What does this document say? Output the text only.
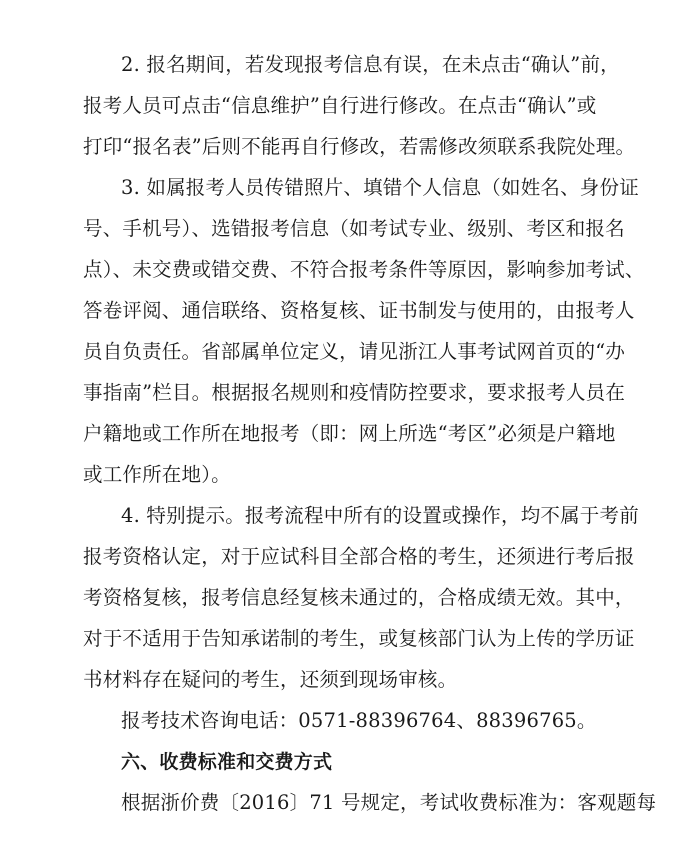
2. 报名期间，若发现报考信息有误，在未点击“确认”前，
报考人员可点击“信息维护”自行进行修改。在点击“确认”或
打印“报名表”后则不能再自行修改，若需修改须联系我院处理。
3. 如属报考人员传错照片、填错个人信息（如姓名、身份证
号、手机号）、选错报考信息（如考试专业、级别、考区和报名
点）、未交费或错交费、不符合报考条件等原因，影响参加考试、
答卷评阅、通信联络、资格复核、证书制发与使用的，由报考人
员自负责任。省部属单位定义，请见浙江人事考试网首页的“办
事指南”栏目。根据报名规则和疫情防控要求，要求报考人员在
户籍地或工作所在地报考（即：网上所选“考区”必须是户籍地
或工作所在地）。
4. 特别提示。报考流程中所有的设置或操作，均不属于考前
报考资格认定，对于应试科目全部合格的考生，还须进行考后报
考资格复核，报考信息经复核未通过的，合格成绩无效。其中，
对于不适用于告知承诺制的考生，或复核部门认为上传的学历证
书材料存在疑问的考生，还须到现场审核。
报考技术咨询电话：0571-88396764、88396765。
六、收费标准和交费方式
根据浙价费〔2016〕71 号规定，考试收费标准为：客观题每
